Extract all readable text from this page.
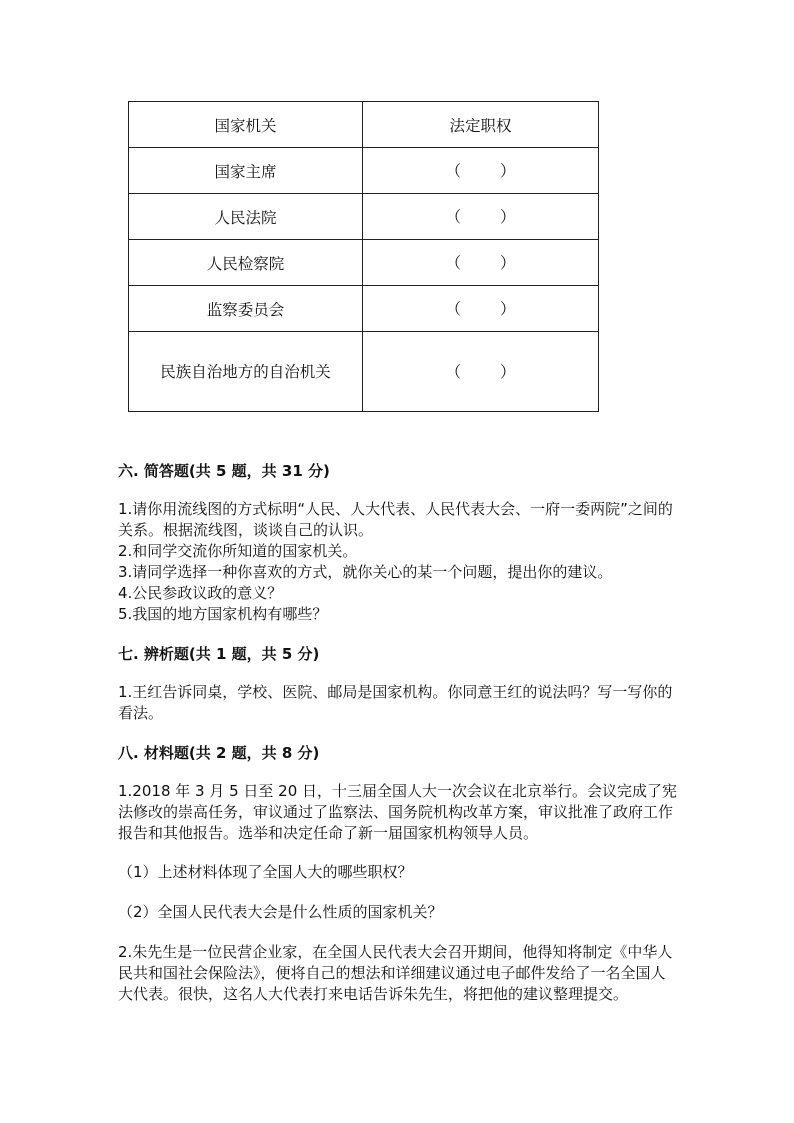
国家机关	法定职权
国家主席	（ ）

人民法院	（ ）

人民检察院	（ ）

监察委员会	（ ）

民族自治地方的自治机关	（ ）
六. 简答题(共 5 题，共 31 分)

1.请你用流线图的方式标明“人民、人大代表、人民代表大会、一府一委两院”之间的关系。根据流线图，谈谈自己的认识。

2.和同学交流你所知道的国家机关。

3.请同学选择一种你喜欢的方式，就你关心的某一个问题，提出你的建议。

4.公民参政议政的意义？

5.我国的地方国家机构有哪些？

七. 辨析题(共 1 题，共 5 分)

1.王红告诉同桌，学校、医院、邮局是国家机构。你同意王红的说法吗？写一写你的看法。

八. 材料题(共 2 题，共 8 分)

1.2018 年 3 月 5 日至 20 日，十三届全国人大一次会议在北京举行。会议完成了宪法修改的崇高任务，审议通过了监察法、国务院机构改革方案，审议批准了政府工作报告和其他报告。选举和决定任命了新一届国家机构领导人员。

（1）上述材料体现了全国人大的哪些职权？
（2）全国人民代表大会是什么性质的国家机关？

2.朱先生是一位民营企业家，在全国人民代表大会召开期间，他得知将制定《中华人民共和国社会保险法》，便将自己的想法和详细建议通过电子邮件发给了一名全国人大代表。很快，这名人大代表打来电话告诉朱先生，将把他的建议整理提交。
